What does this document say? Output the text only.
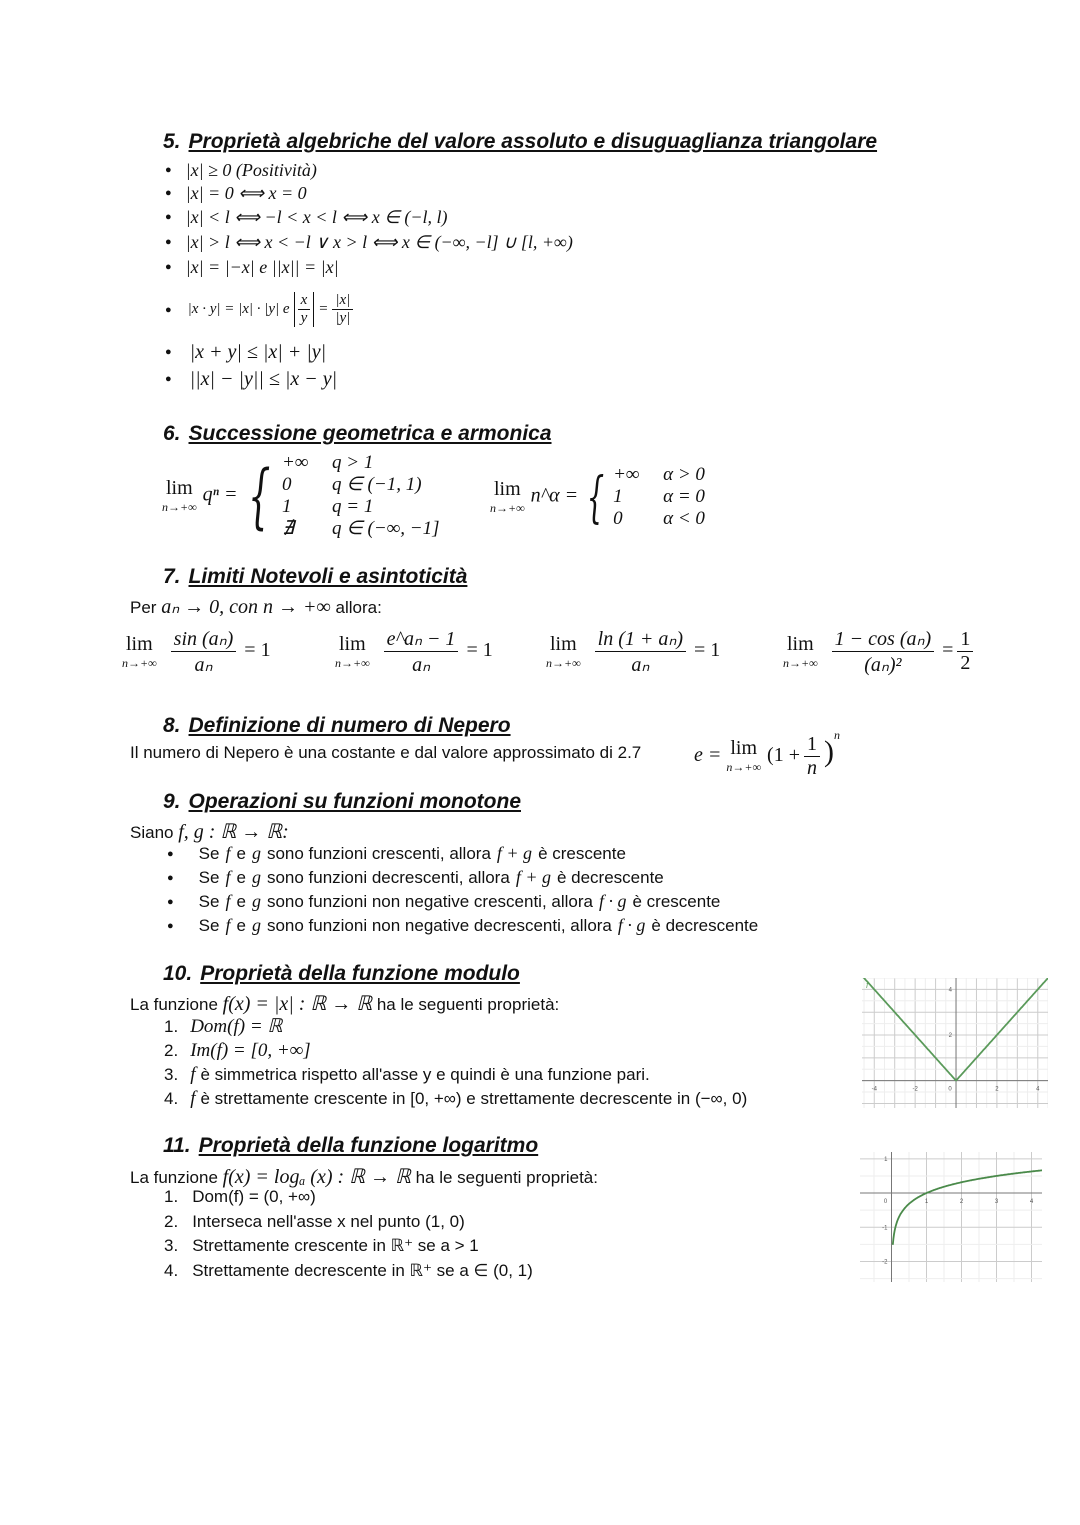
5. Proprietà algebriche del valore assoluto e disuguaglianza triangolare
6. Successione geometrica e armonica
lim
n→+∞
qⁿ = { +∞	q > 1
0	q ∈ (−1, 1)
1	q = 1
∄	q ∈ (−∞, −1]
lim
n→+∞
n^α = { +∞	α > 0
1	α = 0
0	α < 0
7. Limiti Notevoli e asintoticità
Per aₙ → 0, con n → +∞ allora:
8. Definizione di numero di Nepero
Il numero di Nepero è una costante e dal valore approssimato di 2.7	e = lim
n→+∞
$(1 + \frac{1}{n} )^n$
9. Operazioni su funzioni monotone
Siano f, g : ℝ → ℝ:
10. Proprietà della funzione modulo
La funzione f(x) = |x| : ℝ → ℝ ha le seguenti proprietà:
-4	-2	0	2	4
2
4
f
11. Proprietà della funzione logaritmo
La funzione f(x) = logₐ (x) : ℝ → ℝ ha le seguenti proprietà:
0	1	2	3	4
1
-1
-2
● |x| ≥ 0 (Positività)
● |x| = 0 ⟺ x = 0
● |x| < l ⟺ −l < x < l ⟺ x ∈ (−l, l)
● |x| > l ⟺ x < −l ∨ x > l ⟺ x ∈ (−∞, −l] ∪ [l, +∞)
● |x| = |−x| e ||x|| = |x|
● |x · y| = |x| · |y| e $\frac{x}{y} = \frac{|x|}{|y|}$
● |x + y| ≤ |x| + |y|
● ||x| − |y|| ≤ |x − y|
lim
$n\to+\infty \frac{\text{sin (aₙ)}}{\text{aₙ}} = 1$	lim
$n\to+\infty \frac{\text{e\textasciicircum{}aₙ − 1}}{\text{aₙ}} = 1$	lim
$n\to+\infty \frac{\text{ln (1 + aₙ)}}{\text{aₙ}} = 1$	lim
$n\to+\infty \frac{\text{1 − cos (aₙ)}}{\text{(aₙ)²}} = \frac{1}{2}$
● Se f e g sono funzioni crescenti, allora f + g è crescente
● Se f e g sono funzioni decrescenti, allora f + g è decrescente
● Se f e g sono funzioni non negative crescenti, allora f · g è crescente
● Se f e g sono funzioni non negative decrescenti, allora f · g è decrescente
1. Dom(f) = ℝ
2. Im(f) = [0, +∞]
3. f è simmetrica rispetto all'asse y e quindi è una funzione pari.
4. f è strettamente crescente in [0, +∞) e strettamente decrescente in (−∞, 0)
1. Dom(f) = (0, +∞)
2. Interseca nell'asse x nel punto (1, 0)
3. Strettamente crescente in ℝ⁺ se a > 1
4. Strettamente decrescente in ℝ⁺ se a ∈ (0, 1)
